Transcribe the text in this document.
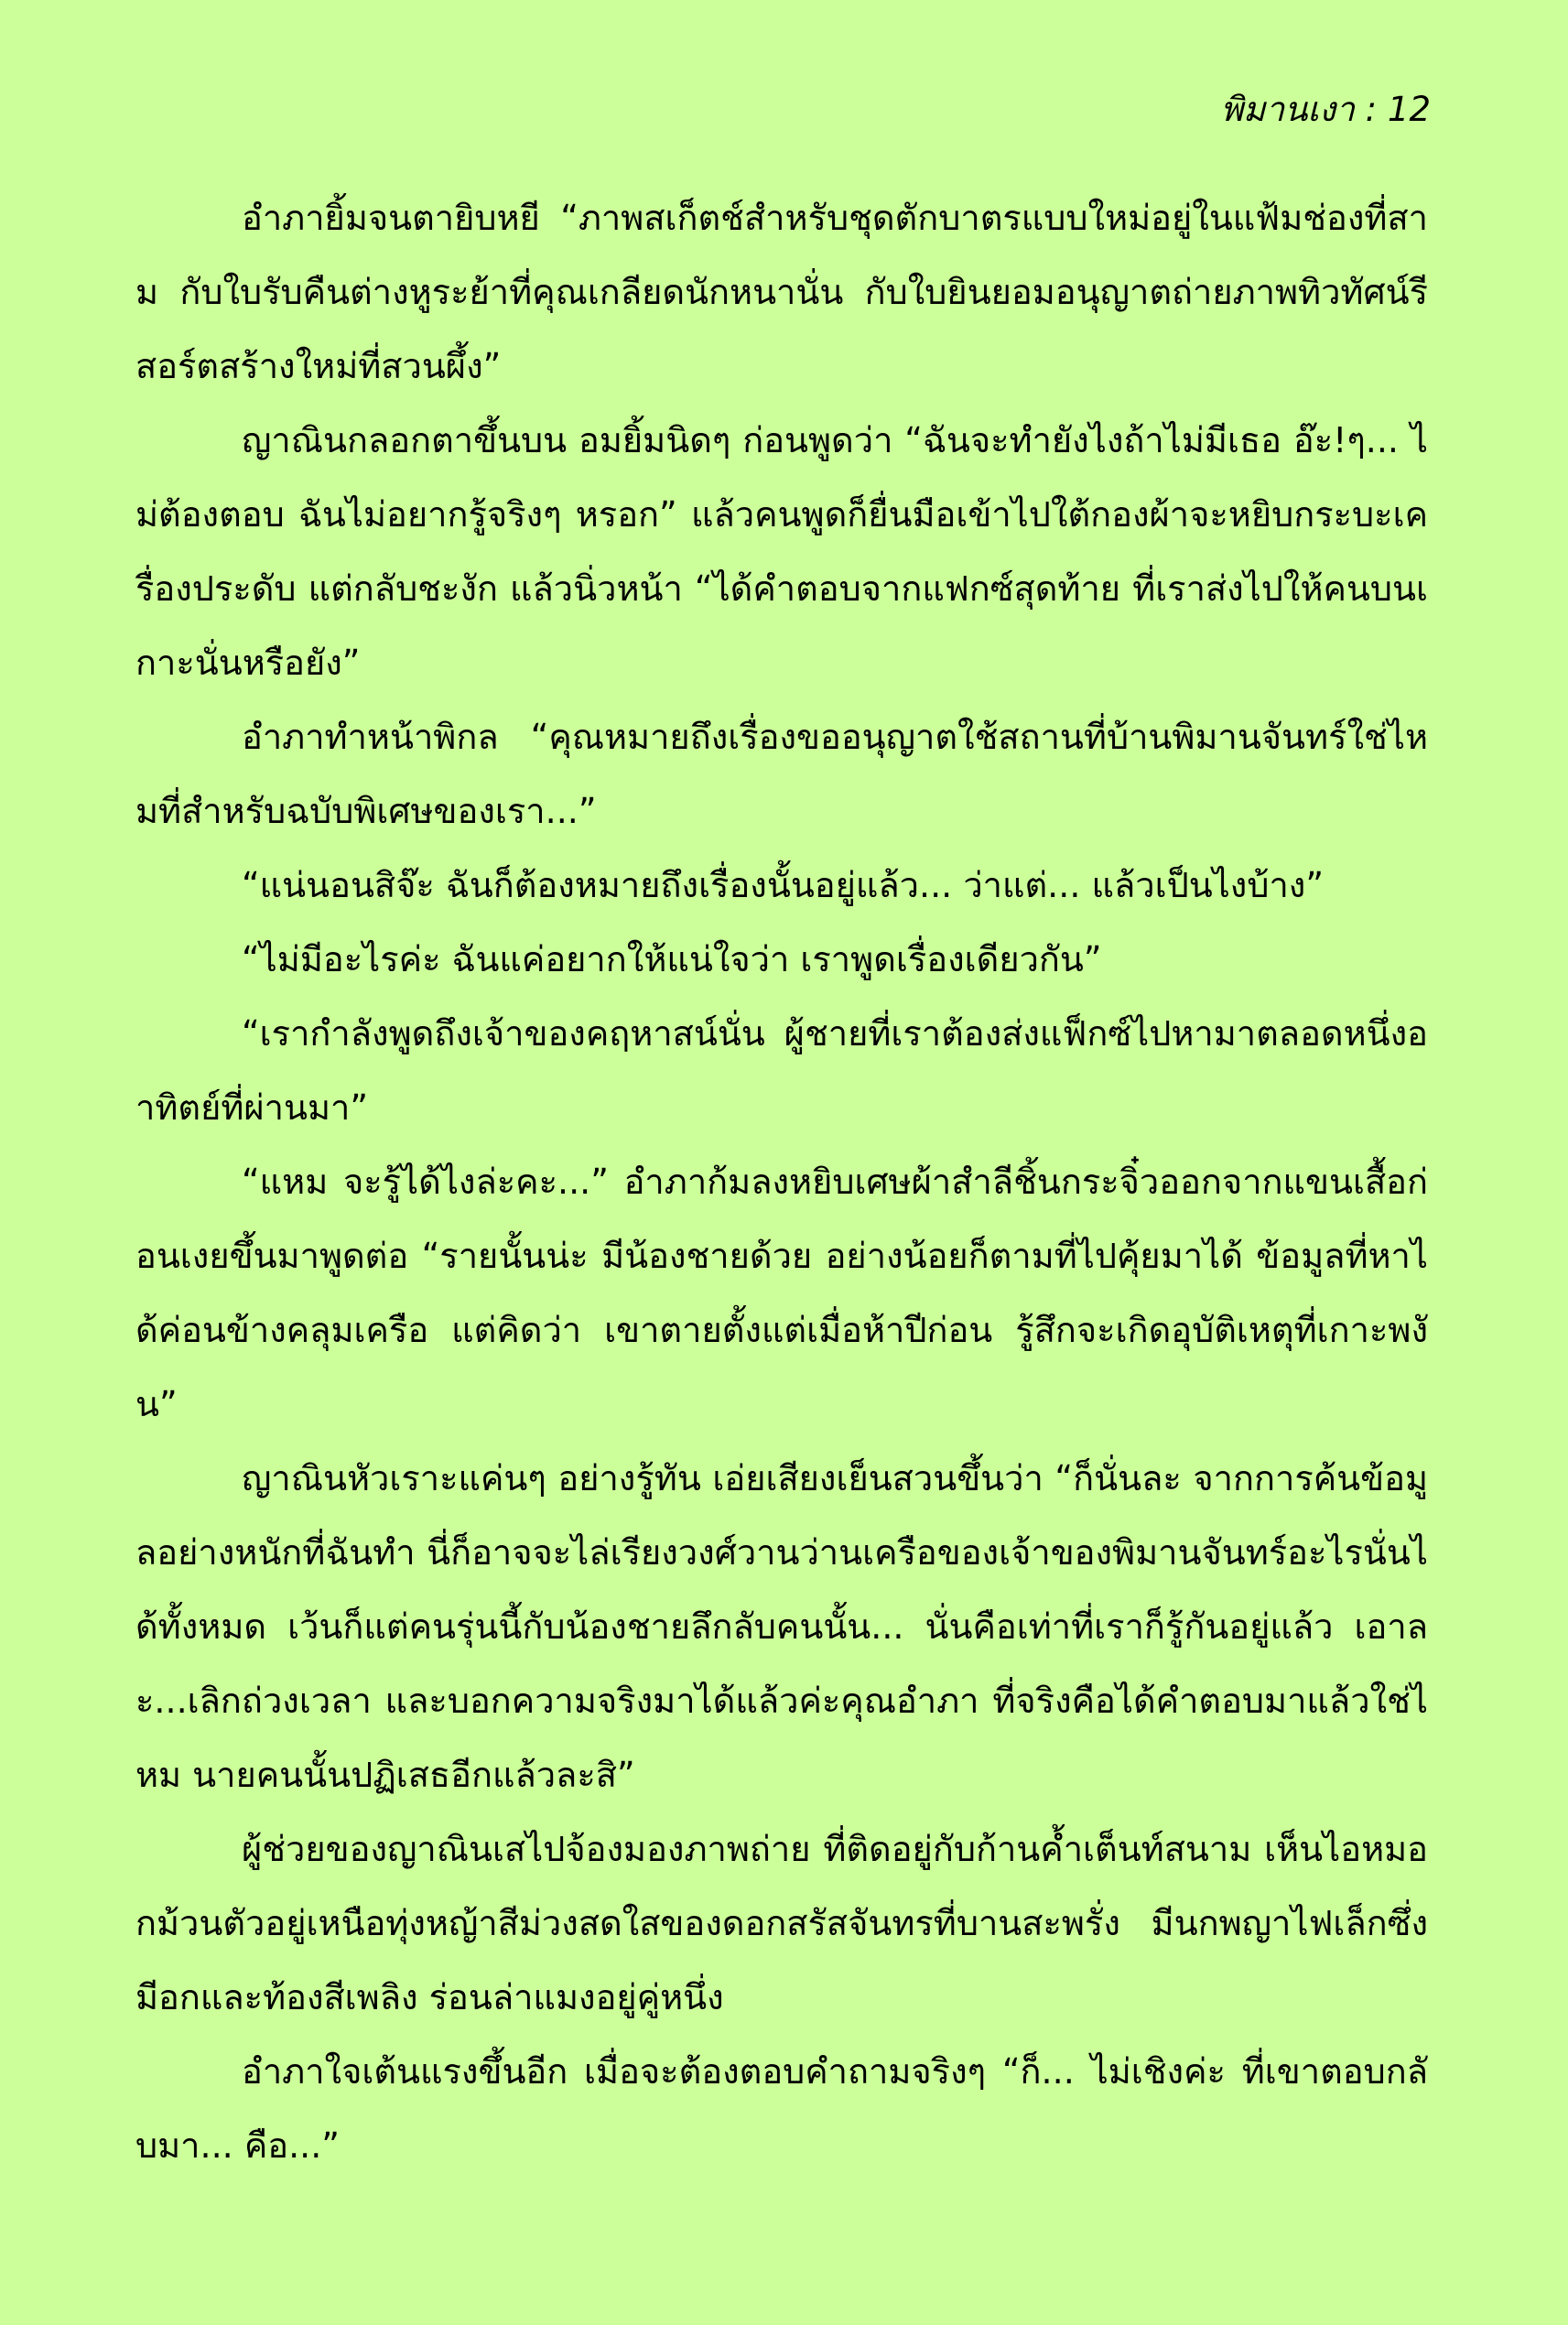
พิมานเงา : 12

อำภายิ้มจนตายิบหยี “ภาพสเก็ตช์สำหรับชุดตักบาตรแบบใหม่อยู่ในแฟ้มช่องที่สาม กับใบรับคืนต่างหูระย้าที่คุณเกลียดนักหนานั่น กับใบยินยอมอนุญาตถ่ายภาพทิวทัศน์รีสอร์ตสร้างใหม่ที่สวนผึ้ง”

ญาณินกลอกตาขึ้นบน อมยิ้มนิดๆ ก่อนพูดว่า “ฉันจะทำยังไงถ้าไม่มีเธอ อ๊ะ!ๆ... ไม่ต้องตอบ ฉันไม่อยากรู้จริงๆ หรอก” แล้วคนพูดก็ยื่นมือเข้าไปใต้กองผ้าจะหยิบกระบะเครื่องประดับ แต่กลับชะงัก แล้วนิ่วหน้า “ได้คำตอบจากแฟกซ์สุดท้าย ที่เราส่งไปให้คนบนเกาะนั่นหรือยัง”

อำภาทำหน้าพิกล “คุณหมายถึงเรื่องขออนุญาตใช้สถานที่บ้านพิมานจันทร์ใช่ไหมที่สำหรับฉบับพิเศษของเรา...”

“แน่นอนสิจ๊ะ ฉันก็ต้องหมายถึงเรื่องนั้นอยู่แล้ว... ว่าแต่... แล้วเป็นไงบ้าง”

“ไม่มีอะไรค่ะ ฉันแค่อยากให้แน่ใจว่า เราพูดเรื่องเดียวกัน”

“เรากำลังพูดถึงเจ้าของคฤหาสน์นั่น ผู้ชายที่เราต้องส่งแฟ็กซ์ไปหามาตลอดหนึ่งอาทิตย์ที่ผ่านมา”

“แหม จะรู้ได้ไงล่ะคะ...” อำภาก้มลงหยิบเศษผ้าสำลีชิ้นกระจิ๋วออกจากแขนเสื้อก่อนเงยขึ้นมาพูดต่อ “รายนั้นน่ะ มีน้องชายด้วย อย่างน้อยก็ตามที่ไปคุ้ยมาได้ ข้อมูลที่หาได้ค่อนข้างคลุมเครือ แต่คิดว่า เขาตายตั้งแต่เมื่อห้าปีก่อน รู้สึกจะเกิดอุบัติเหตุที่เกาะพงัน”

ญาณินหัวเราะแค่นๆ อย่างรู้ทัน เอ่ยเสียงเย็นสวนขึ้นว่า “ก็นั่นละ จากการค้นข้อมูลอย่างหนักที่ฉันทำ นี่ก็อาจจะไล่เรียงวงศ์วานว่านเครือของเจ้าของพิมานจันทร์อะไรนั่นได้ทั้งหมด เว้นก็แต่คนรุ่นนี้กับน้องชายลึกลับคนนั้น... นั่นคือเท่าที่เราก็รู้กันอยู่แล้ว เอาละ...เลิกถ่วงเวลา และบอกความจริงมาได้แล้วค่ะคุณอำภา ที่จริงคือได้คำตอบมาแล้วใช่ไหม นายคนนั้นปฏิเสธอีกแล้วละสิ”

ผู้ช่วยของญาณินเสไปจ้องมองภาพถ่าย ที่ติดอยู่กับก้านค้ำเต็นท์สนาม เห็นไอหมอกม้วนตัวอยู่เหนือทุ่งหญ้าสีม่วงสดใสของดอกสรัสจันทรที่บานสะพรั่ง มีนกพญาไฟเล็กซึ่งมีอกและท้องสีเพลิง ร่อนล่าแมงอยู่คู่หนึ่ง

อำภาใจเต้นแรงขึ้นอีก เมื่อจะต้องตอบคำถามจริงๆ “ก็... ไม่เชิงค่ะ ที่เขาตอบกลับมา... คือ...”
